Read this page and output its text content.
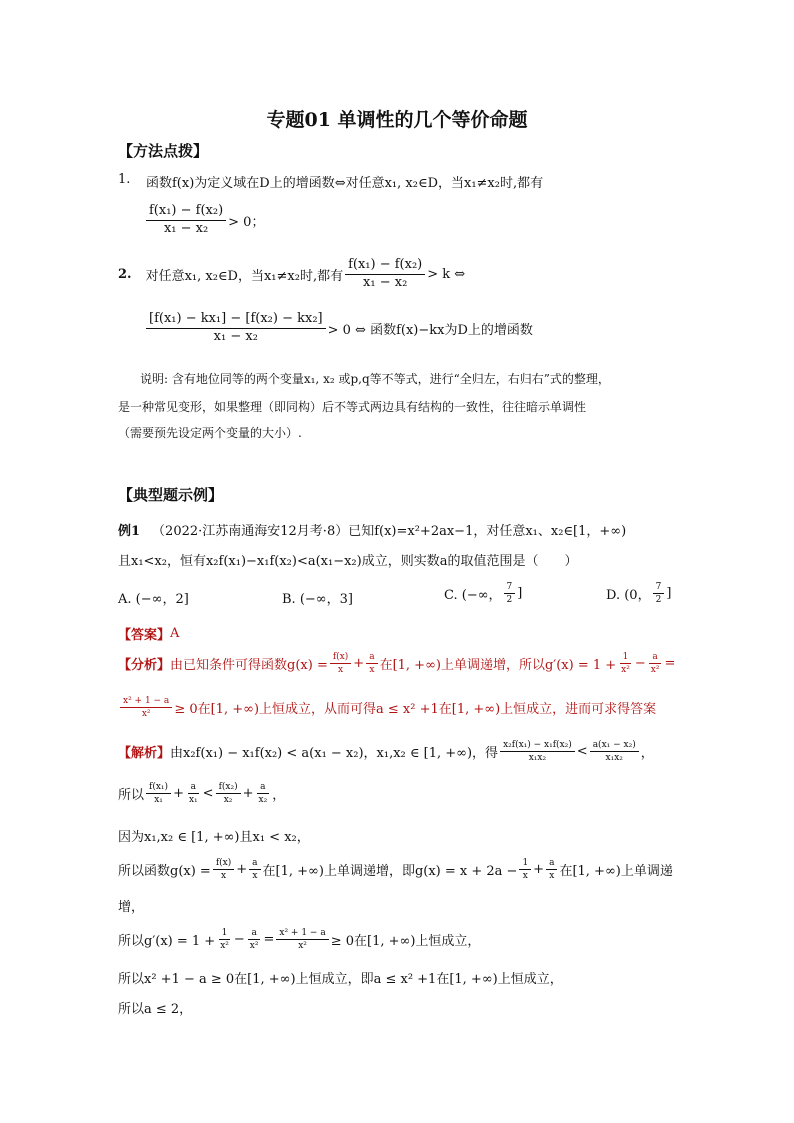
专题01 单调性的几个等价命题
【方法点拨】
1. 函数f(x)为定义域在D上的增函数⇔对任意x₁, x₂∈D，当x₁≠x₂时,都有
$\frac{\text{f(x₁) − f(x₂)}}{\text{x₁ − x₂}} > 0$；
2. 对任意x₁, x₂∈D，当x₁≠x₂时,都有 $\frac{\text{f(x₁) − f(x₂)}}{\text{x₁ − x₂}} > k$ ⇔
$\frac{\text{[f(x₁) − kx₁] − [f(x₂) − kx₂]}}{\text{x₁ − x₂}} > 0$ ⇔ 函数f(x)−kx为D上的增函数
说明: 含有地位同等的两个变量x₁, x₂ 或p,q等不等式，进行“全归左，右归右”式的整理，
是一种常见变形，如果整理（即同构）后不等式两边具有结构的一致性，往往暗示单调性
（需要预先设定两个变量的大小）.
【典型题示例】
例1 （2022·江苏南通海安12月考·8）已知f(x)=x²+2ax−1，对任意x₁、x₂∈[1，+∞)
且x₁<x₂，恒有x₂f(x₁)−x₁f(x₂)<a(x₁−x₂)成立，则实数a的取值范围是（　　）
A. (−∞，2]	B. (−∞，3]	C. (−∞， $\frac{7}{2}$ ]	D. (0， $\frac{7}{2}$ ]
【答案】 A
【分析】 由已知条件可得函数$g(x) = \frac{f(x)}{x} + \frac{a}{x}$ 在[1, +∞)上单调递增，所以$g'(x) = 1 + \frac{1}{\text{x²}} - \frac{a}{\text{x²}}$ =
$\frac{\text{x² + 1 − a}}{\text{x²}} \ge 0$在[1, +∞)上恒成立，从而可得a ≤ x² +1在[1, +∞)上恒成立，进而可求得答案
【解析】 由x₂f(x₁) − x₁f(x₂) < a(x₁ − x₂)，x₁,x₂ ∈ [1, +∞)，得 $\frac{\text{x₂f(x₁) − x₁f(x₂)}}{\text{x₁x₂}} < \frac{\text{a(x₁ − x₂)}}{\text{x₁x₂}}$ ，
所以 $\frac{\text{f(x₁)}}{\text{x₁}} + \frac{a}{\text{x₁}} < \frac{\text{f(x₂)}}{\text{x₂}} + \frac{a}{\text{x₂}}$ ，
因为x₁,x₂ ∈ [1, +∞)且x₁ < x₂，
所以函数$g(x) = \frac{f(x)}{x} + \frac{a}{x}$ 在[1, +∞)上单调递增，即$g(x) = x + 2a - \frac{1}{x} + \frac{a}{x}$ 在[1, +∞)上单调递
增，
所以$g'(x) = 1 + \frac{1}{\text{x²}} - \frac{a}{\text{x²}} = \frac{\text{x² + 1 − a}}{\text{x²}} \ge 0$在[1, +∞)上恒成立，
所以x² +1 − a ≥ 0在[1, +∞)上恒成立，即a ≤ x² +1在[1, +∞)上恒成立，
所以a ≤ 2，
